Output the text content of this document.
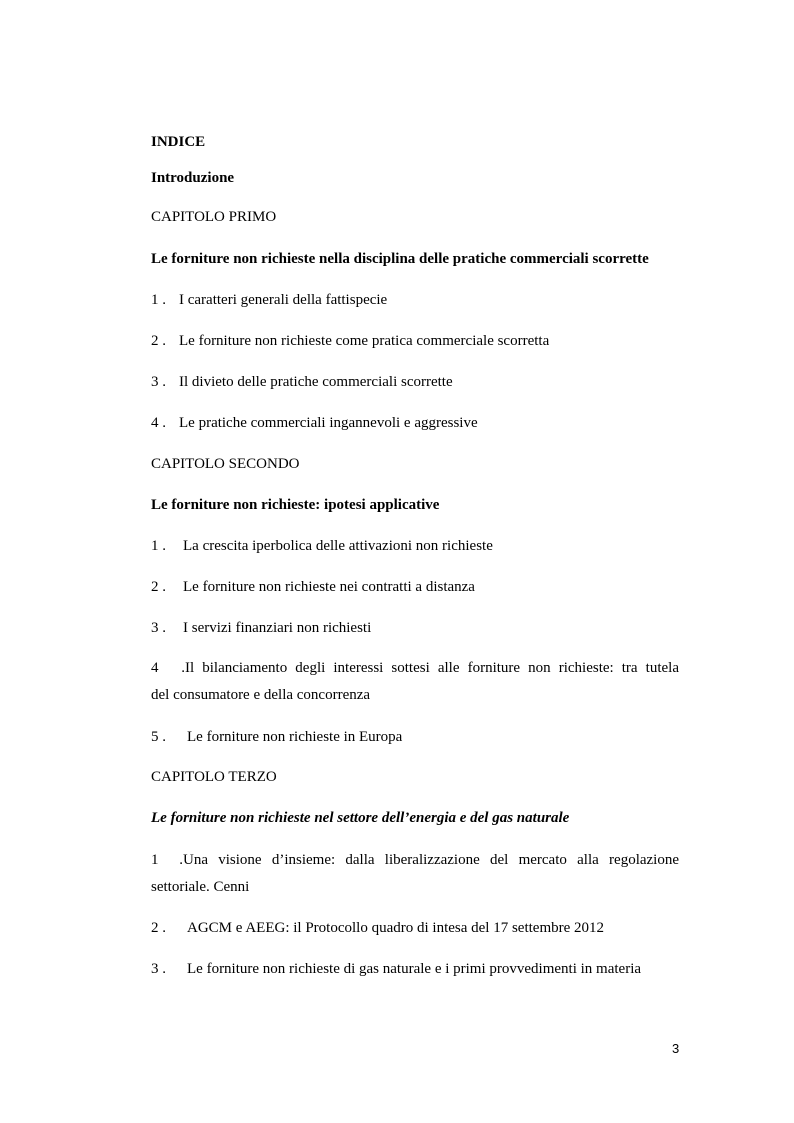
INDICE
Introduzione
CAPITOLO PRIMO
Le forniture non richieste nella disciplina delle pratiche commerciali scorrette
1 . I caratteri generali della fattispecie
2 . Le forniture non richieste come pratica commerciale scorretta
3 . Il divieto delle pratiche commerciali scorrette
4 . Le pratiche commerciali ingannevoli e aggressive
CAPITOLO SECONDO
Le forniture non richieste: ipotesi applicative
1 . La crescita iperbolica delle attivazioni non richieste
2 . Le forniture non richieste nei contratti a distanza
3 . I servizi finanziari non richiesti
4 .Il bilanciamento degli interessi sottesi alle forniture non richieste: tra tutela
del consumatore e della concorrenza
5 . Le forniture non richieste in Europa
CAPITOLO TERZO
Le forniture non richieste nel settore dell’energia e del gas naturale
1 .Una visione d’insieme: dalla liberalizzazione del mercato alla regolazione
settoriale. Cenni
2 . AGCM e AEEG: il Protocollo quadro di intesa del 17 settembre 2012
3 . Le forniture non richieste di gas naturale e i primi provvedimenti in materia
3
